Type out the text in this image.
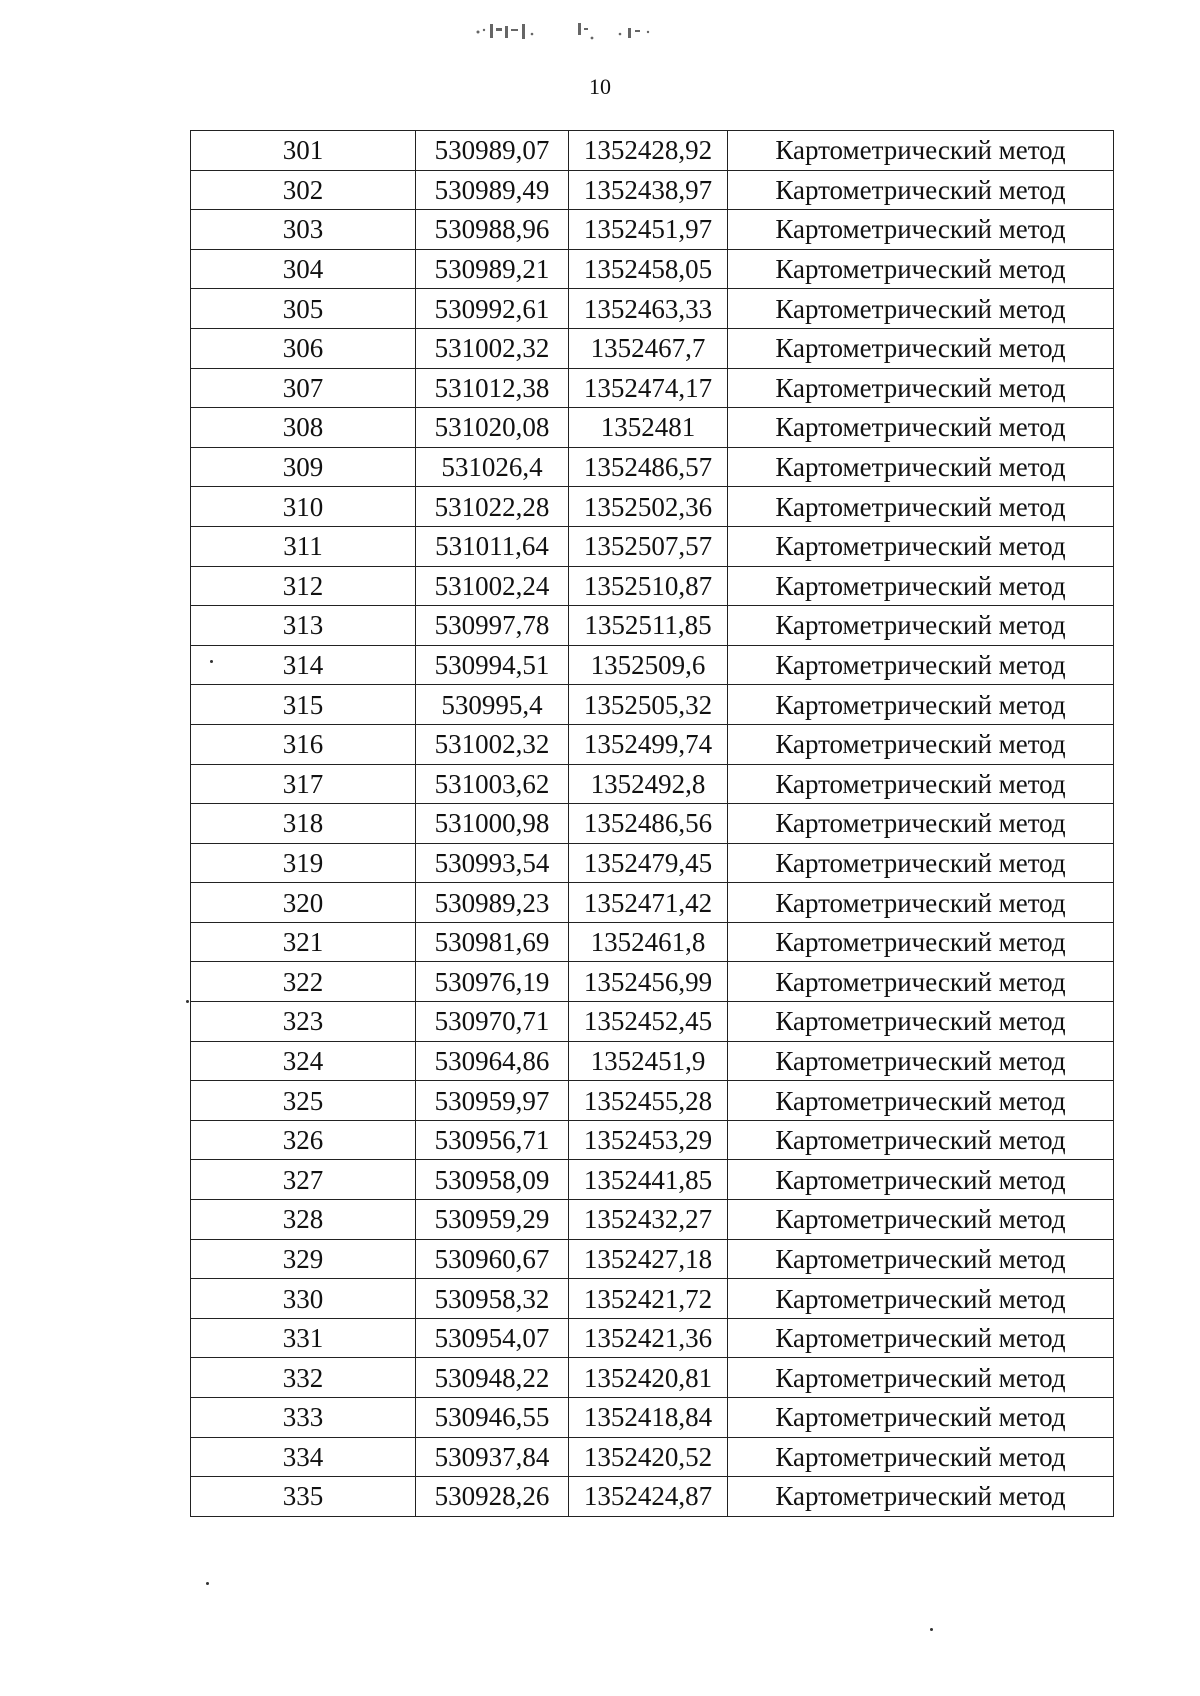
10
301	530989,07	1352428,92	Картометрический метод
302	530989,49	1352438,97	Картометрический метод
303	530988,96	1352451,97	Картометрический метод
304	530989,21	1352458,05	Картометрический метод
305	530992,61	1352463,33	Картометрический метод
306	531002,32	1352467,7	Картометрический метод
307	531012,38	1352474,17	Картометрический метод
308	531020,08	1352481	Картометрический метод
309	531026,4	1352486,57	Картометрический метод
310	531022,28	1352502,36	Картометрический метод
311	531011,64	1352507,57	Картометрический метод
312	531002,24	1352510,87	Картометрический метод
313	530997,78	1352511,85	Картометрический метод
314	530994,51	1352509,6	Картометрический метод
315	530995,4	1352505,32	Картометрический метод
316	531002,32	1352499,74	Картометрический метод
317	531003,62	1352492,8	Картометрический метод
318	531000,98	1352486,56	Картометрический метод
319	530993,54	1352479,45	Картометрический метод
320	530989,23	1352471,42	Картометрический метод
321	530981,69	1352461,8	Картометрический метод
322	530976,19	1352456,99	Картометрический метод
323	530970,71	1352452,45	Картометрический метод
324	530964,86	1352451,9	Картометрический метод
325	530959,97	1352455,28	Картометрический метод
326	530956,71	1352453,29	Картометрический метод
327	530958,09	1352441,85	Картометрический метод
328	530959,29	1352432,27	Картометрический метод
329	530960,67	1352427,18	Картометрический метод
330	530958,32	1352421,72	Картометрический метод
331	530954,07	1352421,36	Картометрический метод
332	530948,22	1352420,81	Картометрический метод
333	530946,55	1352418,84	Картометрический метод
334	530937,84	1352420,52	Картометрический метод
335	530928,26	1352424,87	Картометрический метод
